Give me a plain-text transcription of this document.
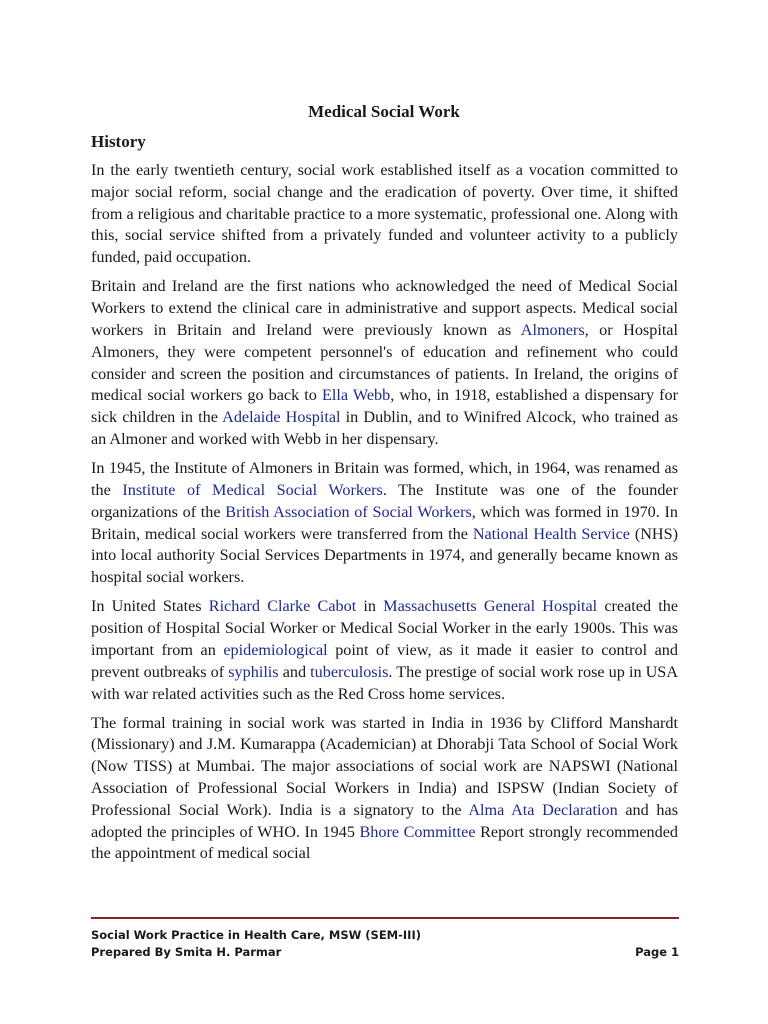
Medical Social Work
History

In the early twentieth century, social work established itself as a vocation committed to major social reform, social change and the eradication of poverty. Over time, it shifted from a religious and charitable practice to a more systematic, professional one. Along with this, social service shifted from a privately funded and volunteer activity to a publicly funded, paid occupation.

Britain and Ireland are the first nations who acknowledged the need of Medical Social Workers to extend the clinical care in administrative and support aspects. Medical social workers in Britain and Ireland were previously known as Almoners, or Hospital Almoners, they were competent personnel's of education and refinement who could consider and screen the position and circumstances of patients. In Ireland, the origins of medical social workers go back to Ella Webb, who, in 1918, established a dispensary for sick children in the Adelaide Hospital in Dublin, and to Winifred Alcock, who trained as an Almoner and worked with Webb in her dispensary.

In 1945, the Institute of Almoners in Britain was formed, which, in 1964, was renamed as the Institute of Medical Social Workers. The Institute was one of the founder organizations of the British Association of Social Workers, which was formed in 1970. In Britain, medical social workers were transferred from the National Health Service (NHS) into local authority Social Services Departments in 1974, and generally became known as hospital social workers.

In United States Richard Clarke Cabot in Massachusetts General Hospital created the position of Hospital Social Worker or Medical Social Worker in the early 1900s. This was important from an epidemiological point of view, as it made it easier to control and prevent outbreaks of syphilis and tuberculosis. The prestige of social work rose up in USA with war related activities such as the Red Cross home services.

The formal training in social work was started in India in 1936 by Clifford Manshardt (Missionary) and J.M. Kumarappa (Academician) at Dhorabji Tata School of Social Work (Now TISS) at Mumbai. The major associations of social work are NAPSWI (National Association of Professional Social Workers in India) and ISPSW (Indian Society of Professional Social Work). India is a signatory to the Alma Ata Declaration and has adopted the principles of WHO. In 1945 Bhore Committee Report strongly recommended the appointment of medical social

Social Work Practice in Health Care, MSW (SEM-III)
Prepared By Smita H. Parmar	Page 1
